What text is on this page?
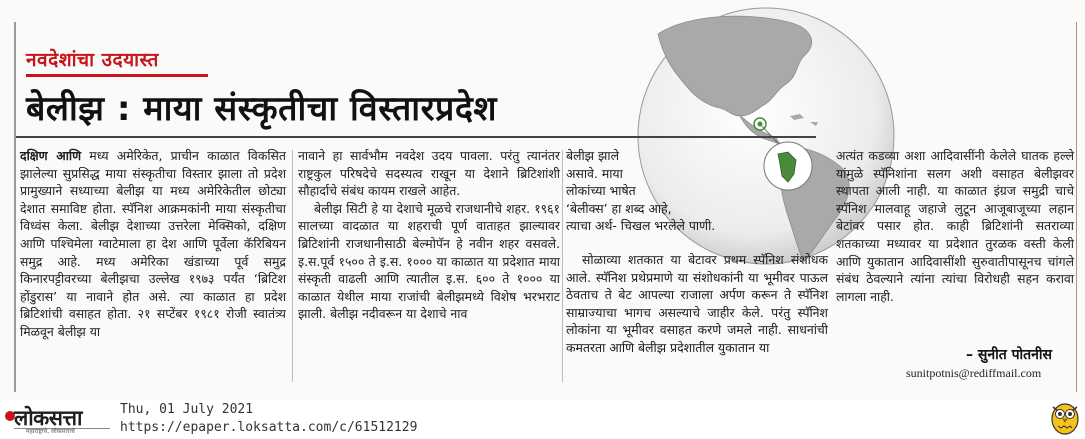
नवदेशांचा उदयास्त
बेलीझ : माया संस्कृतीचा विस्तारप्रदेश

दक्षिण आणि मध्य अमेरिकेत, प्राचीन काळात विकसित झालेल्या सुप्रसिद्ध माया संस्कृतीचा विस्तार झाला तो प्रदेश प्रामुख्याने सध्याच्या बेलीझ या मध्य अमेरिकेतील छोट्या देशात समाविष्ट होता. स्पॅनिश आक्रमकांनी माया संस्कृतीचा विध्वंस केला. बेलीझ देशाच्या उत्तरेला मेक्सिको, दक्षिण आणि पश्चिमेला ग्वाटेमाला हा देश आणि पूर्वेला कॅरिबियन समुद्र आहे. मध्य अमेरिका खंडाच्या पूर्व समुद्र किनारपट्टीवरच्या बेलीझचा उल्लेख १९७३ पर्यंत ‘ब्रिटिश होंडुरास’ या नावाने होत असे. त्या काळात हा प्रदेश ब्रिटिशांची वसाहत होता. २१ सप्टेंबर १९८१ रोजी स्वातंत्र्य मिळवून बेलीझ या

नावाने हा सार्वभौम नवदेश उदय पावला. परंतु त्यानंतर राष्ट्रकुल परिषदेचे सदस्यत्व राखून या देशाने ब्रिटिशांशी सौहार्दाचे संबंध कायम राखले आहेत.

बेलीझ सिटी हे या देशाचे मूळचे राजधानीचे शहर. १९६१ सालच्या वादळात या शहराची पूर्ण वाताहत झाल्यावर ब्रिटिशांनी राजधानीसाठी बेल्मोपॅन हे नवीन शहर वसवले. इ.स.पूर्व १५०० ते इ.स. १००० या काळात या प्रदेशात माया संस्कृती वाढली आणि त्यातील इ.स. ६०० ते १००० या काळात येथील माया राजांची बेलीझमध्ये विशेष भरभराट झाली. बेलीझ नदीवरून या देशाचे नाव

बेलीझ झाले
असावे. माया
लोकांच्या भाषेत
‘बेलीक्स’ हा शब्द आहे,
त्याचा अर्थ- चिखल भरलेले पाणी.

सोळाव्या शतकात या बेटावर प्रथम स्पॅनिश संशोधक आले. स्पॅनिश प्रथेप्रमाणे या संशोधकांनी या भूमीवर पाऊल ठेवताच ते बेट आपल्या राजाला अर्पण करून ते स्पॅनिश साम्राज्याचा भागच असल्याचे जाहीर केले. परंतु स्पॅनिश लोकांना या भूमीवर वसाहत करणे जमले नाही. साधनांची कमतरता आणि बेलीझ प्रदेशातील युकातान या

अत्यंत कडव्या अशा आदिवासींनी केलेले घातक हल्ले यांमुळे स्पॅनिशांना सलग अशी वसाहत बेलीझवर स्थापता आली नाही. या काळात इंग्रज समुद्री चाचे स्पॅनिश मालवाहू जहाजे लुटून आजूबाजूच्या लहान बेटांवर पसार होत. काही ब्रिटिशांनी सतराव्या शतकाच्या मध्यावर या प्रदेशात तुरळक वस्ती केली आणि युकातान आदिवासींशी सुरुवातीपासूनच चांगले संबंध ठेवल्याने त्यांना त्यांचा विरोधही सहन करावा लागला नाही.

– सुनीत पोतनीस
sunitpotnis@rediffmail.com
लोकसत्ता
महाराष्ट्राचे, लोकसत्ताचे
Thu, 01 July 2021
https://epaper.loksatta.com/c/61512129
